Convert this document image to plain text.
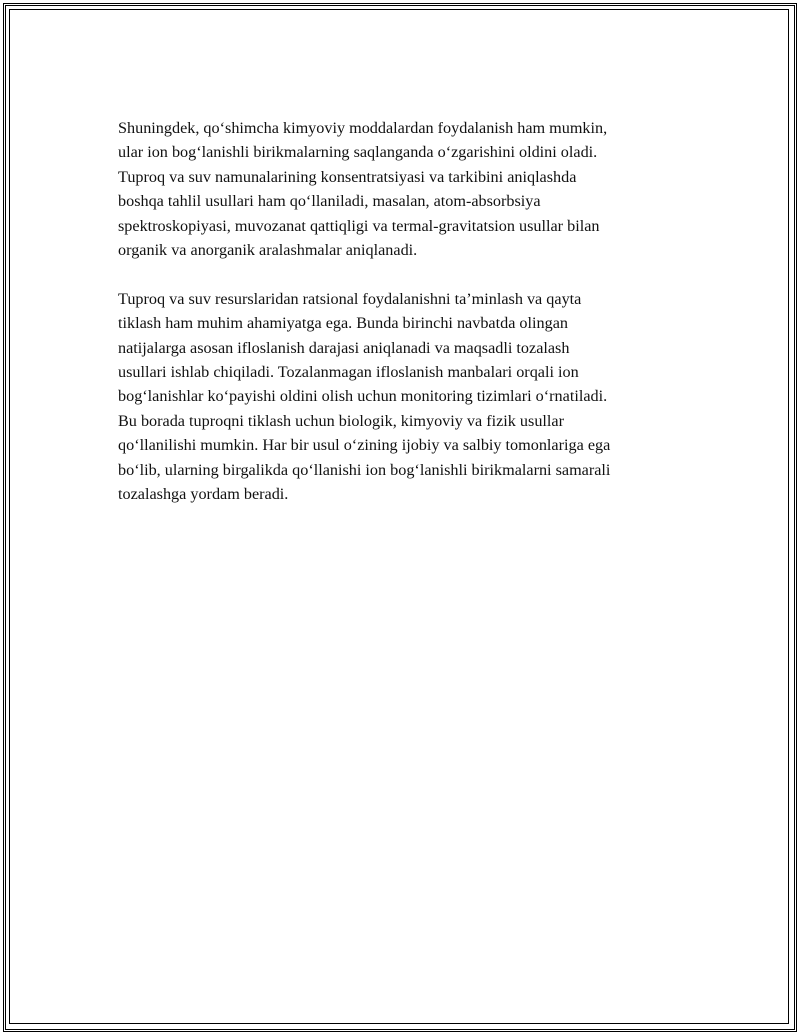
Shuningdek, qo‘shimcha kimyoviy moddalardan foydalanish ham mumkin,
ular ion bog‘lanishli birikmalarning saqlanganda o‘zgarishini oldini oladi.
Tuproq va suv namunalarining konsentratsiyasi va tarkibini aniqlashda
boshqa tahlil usullari ham qo‘llaniladi, masalan, atom-absorbsiya
spektroskopiyasi, muvozanat qattiqligi va termal-gravitatsion usullar bilan
organik va anorganik aralashmalar aniqlanadi.

Tuproq va suv resurslaridan ratsional foydalanishni ta’minlash va qayta
tiklash ham muhim ahamiyatga ega. Bunda birinchi navbatda olingan
natijalarga asosan ifloslanish darajasi aniqlanadi va maqsadli tozalash
usullari ishlab chiqiladi. Tozalanmagan ifloslanish manbalari orqali ion
bog‘lanishlar ko‘payishi oldini olish uchun monitoring tizimlari o‘rnatiladi.
Bu borada tuproqni tiklash uchun biologik, kimyoviy va fizik usullar
qo‘llanilishi mumkin. Har bir usul o‘zining ijobiy va salbiy tomonlariga ega
bo‘lib, ularning birgalikda qo‘llanishi ion bog‘lanishli birikmalarni samarali
tozalashga yordam beradi.
